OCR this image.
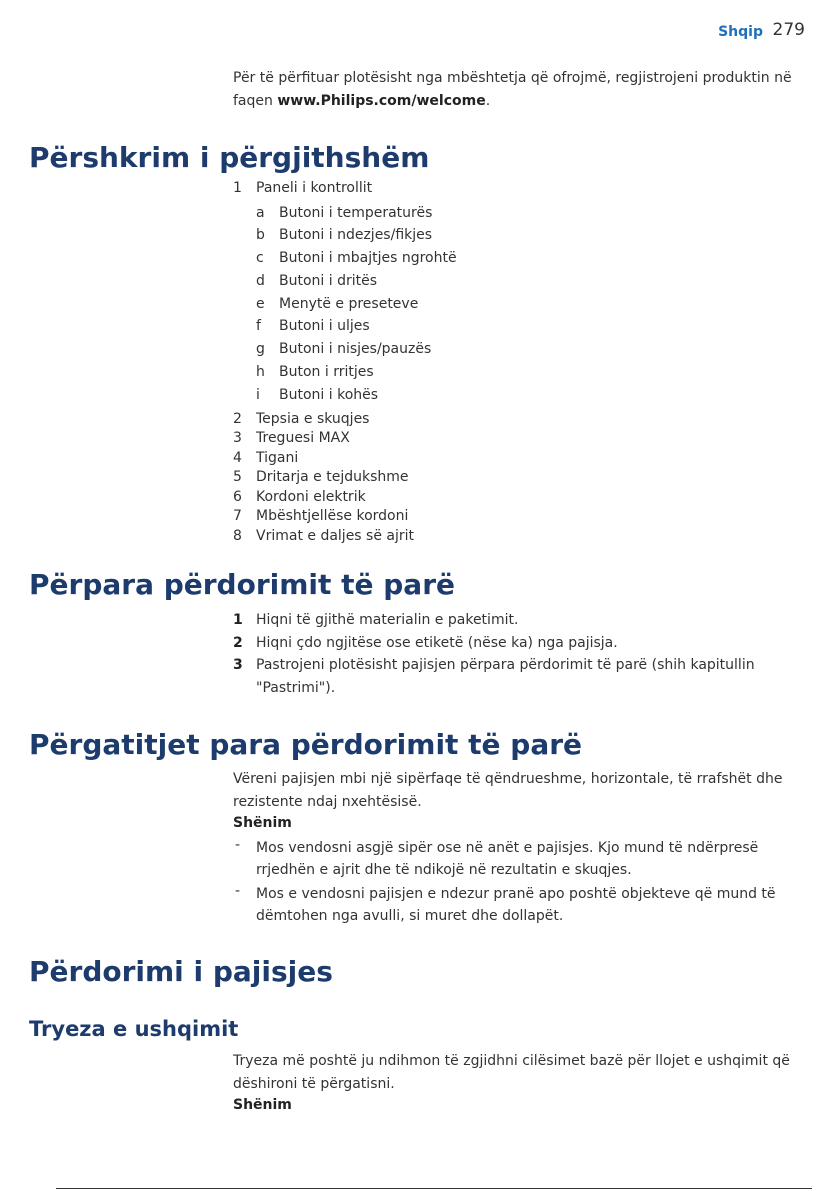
Shqip 279

Për të përfituar plotësisht nga mbështetja që ofrojmë, regjistrojeni produktin në faqen www.Philips.com/welcome.

Përshkrim i përgjithshëm
1 Paneli i kontrollit
a Butoni i temperaturës
b Butoni i ndezjes/fikjes
c Butoni i mbajtjes ngrohtë
d Butoni i dritës
e Menytë e preseteve
f Butoni i uljes
g Butoni i nisjes/pauzës
h Buton i rritjes
i Butoni i kohës
2 Tepsia e skuqjes
3 Treguesi MAX
4 Tigani
5 Dritarja e tejdukshme
6 Kordoni elektrik
7 Mbështjellëse kordoni
8 Vrimat e daljes së ajrit
Përpara përdorimit të parë
1 Hiqni të gjithë materialin e paketimit.
2 Hiqni çdo ngjitëse ose etiketë (nëse ka) nga pajisja.
3 Pastrojeni plotësisht pajisjen përpara përdorimit të parë (shih kapitullin "Pastrimi").
Përgatitjet para përdorimit të parë

Vëreni pajisjen mbi një sipërfaqe të qëndrueshme, horizontale, të rrafshët dhe rezistente ndaj nxehtësisë.

Shënim
- Mos vendosni asgjë sipër ose në anët e pajisjes. Kjo mund të ndërpresë rrjedhën e ajrit dhe të ndikojë në rezultatin e skuqjes.
- Mos e vendosni pajisjen e ndezur pranë apo poshtë objekteve që mund të dëmtohen nga avulli, si muret dhe dollapët.
Përdorimi i pajisjes
Tryeza e ushqimit

Tryeza më poshtë ju ndihmon të zgjidhni cilësimet bazë për llojet e ushqimit që dëshironi të përgatisni.

Shënim
